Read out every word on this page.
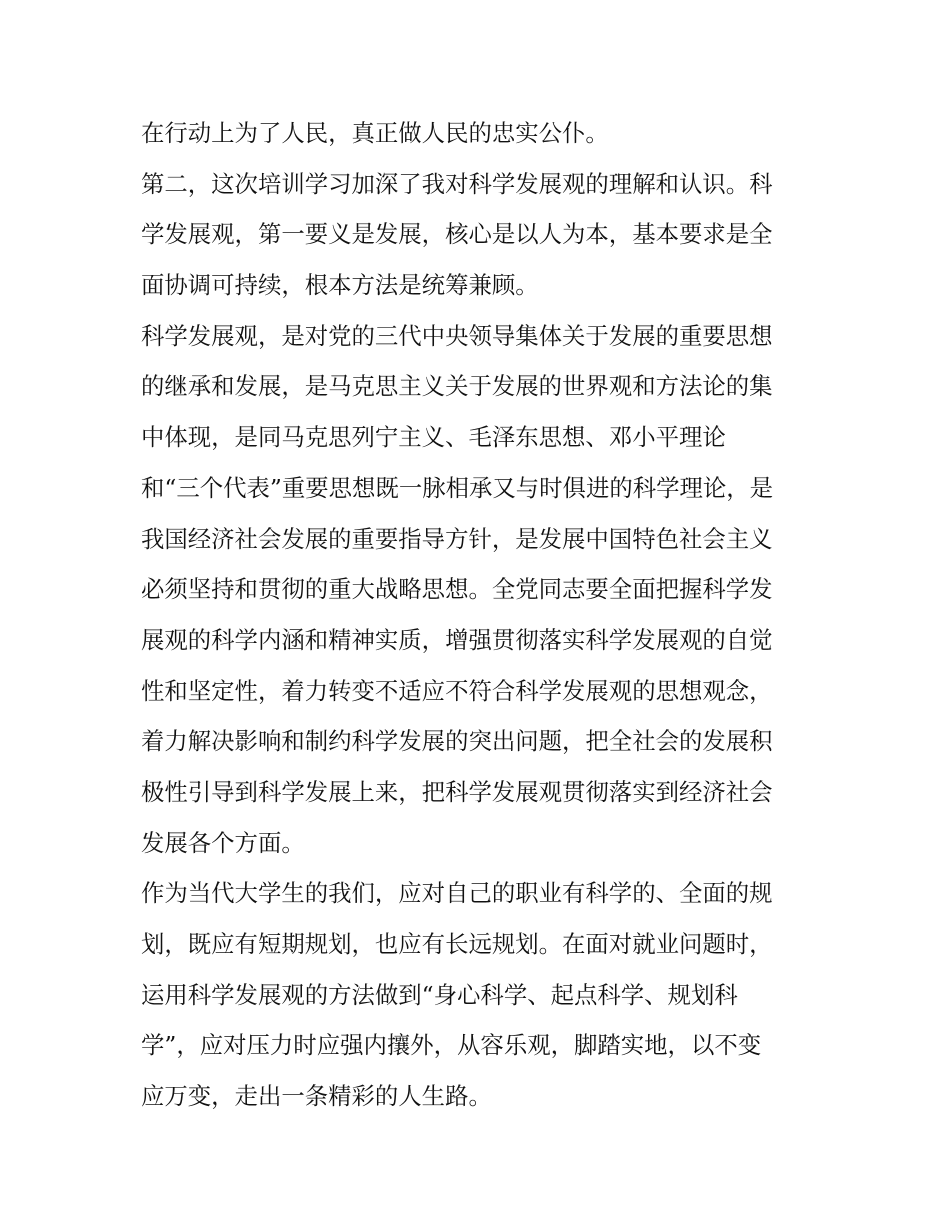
在行动上为了人民，真正做人民的忠实公仆。
第二，这次培训学习加深了我对科学发展观的理解和认识。科
学发展观，第一要义是发展，核心是以人为本，基本要求是全
面协调可持续，根本方法是统筹兼顾。
科学发展观，是对党的三代中央领导集体关于发展的重要思想
的继承和发展，是马克思主义关于发展的世界观和方法论的集
中体现，是同马克思列宁主义、毛泽东思想、邓小平理论
和“三个代表”重要思想既一脉相承又与时俱进的科学理论，是
我国经济社会发展的重要指导方针，是发展中国特色社会主义
必须坚持和贯彻的重大战略思想。全党同志要全面把握科学发
展观的科学内涵和精神实质，增强贯彻落实科学发展观的自觉
性和坚定性，着力转变不适应不符合科学发展观的思想观念，
着力解决影响和制约科学发展的突出问题，把全社会的发展积
极性引导到科学发展上来，把科学发展观贯彻落实到经济社会
发展各个方面。
作为当代大学生的我们，应对自己的职业有科学的、全面的规
划，既应有短期规划，也应有长远规划。在面对就业问题时，
运用科学发展观的方法做到“身心科学、起点科学、规划科
学”，应对压力时应强内攘外，从容乐观，脚踏实地，以不变
应万变，走出一条精彩的人生路。
